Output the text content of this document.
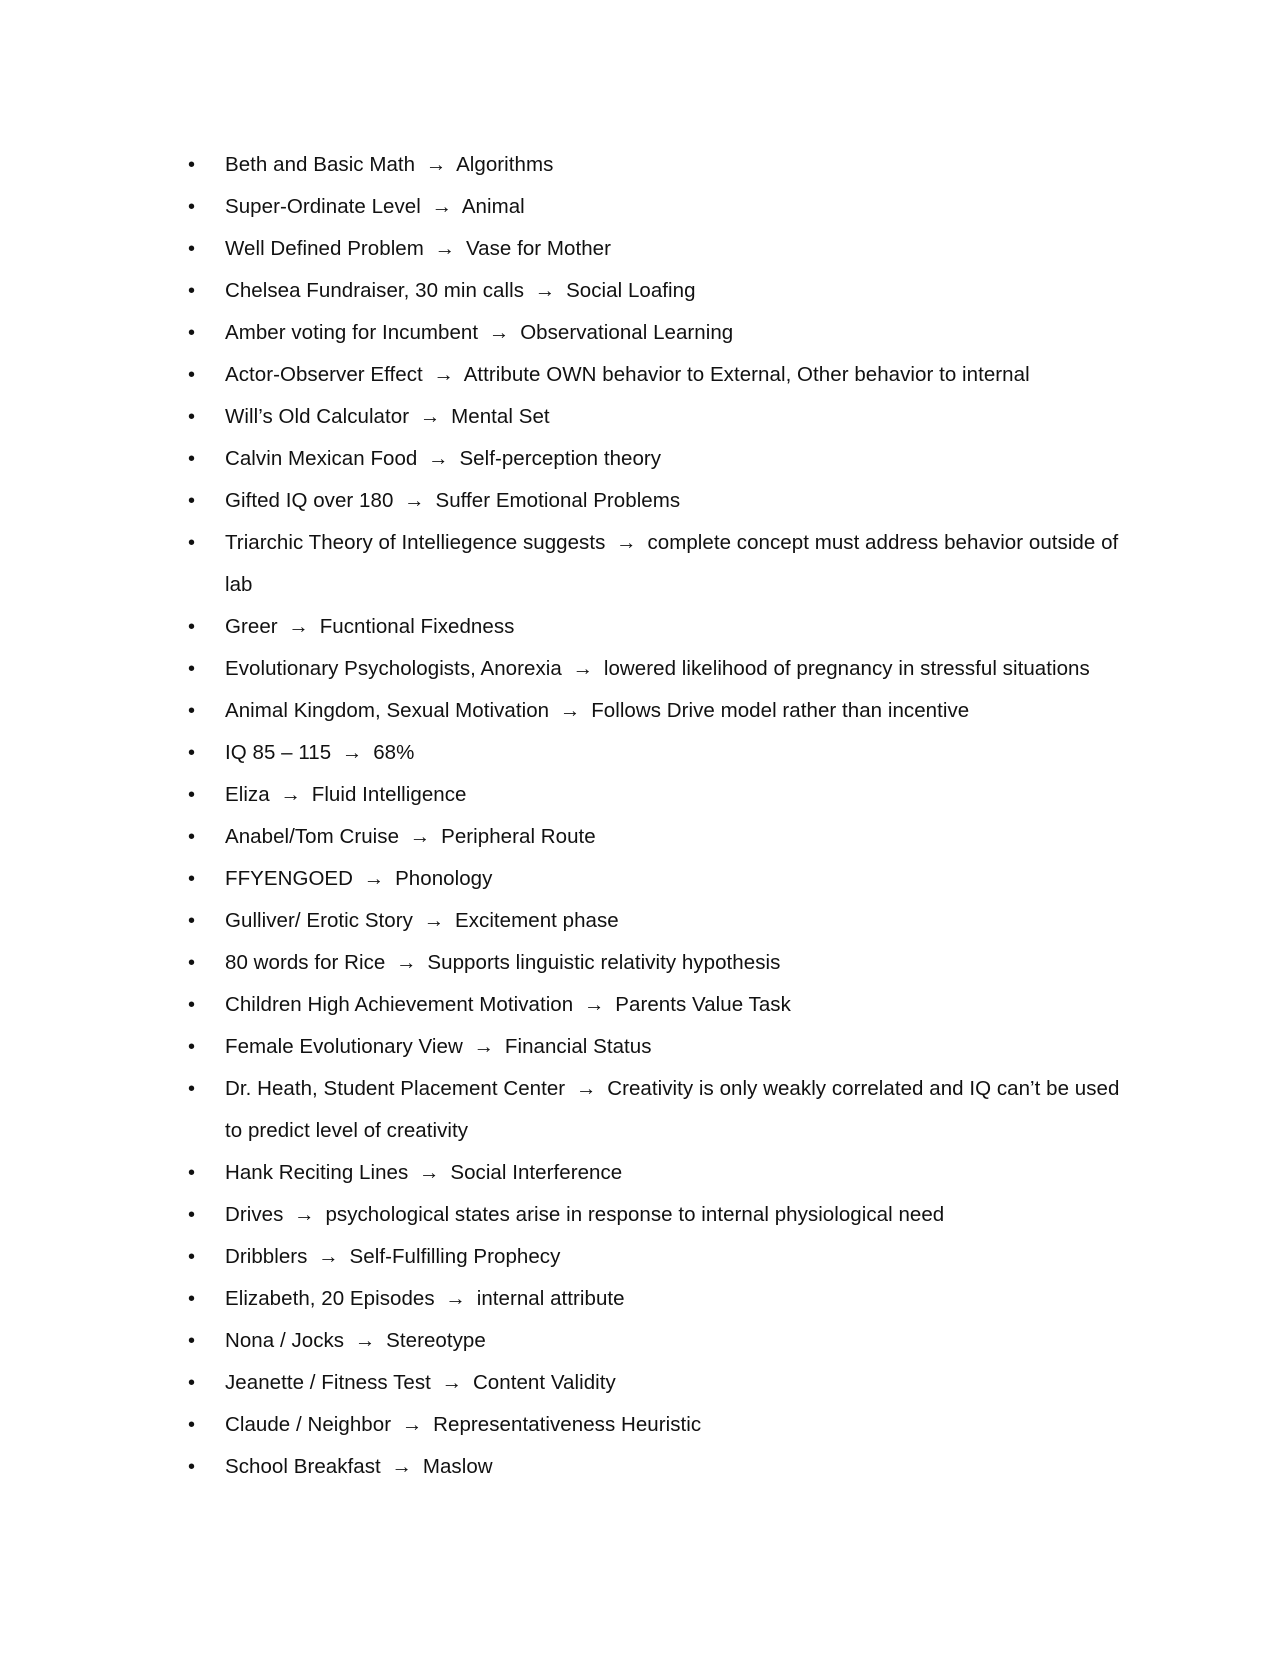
•	Beth and Basic Math → Algorithms
•	Super-Ordinate Level → Animal
•	Well Defined Problem → Vase for Mother
•	Chelsea Fundraiser, 30 min calls → Social Loafing
•	Amber voting for Incumbent → Observational Learning
•	Actor-Observer Effect → Attribute OWN behavior to External, Other behavior to internal
•	Will’s Old Calculator → Mental Set
•	Calvin Mexican Food → Self-perception theory
•	Gifted IQ over 180 → Suffer Emotional Problems
•	Triarchic Theory of Intelliegence suggests → complete concept must address behavior outside of lab
•	Greer → Fucntional Fixedness
•	Evolutionary Psychologists, Anorexia → lowered likelihood of pregnancy in stressful situations
•	Animal Kingdom, Sexual Motivation → Follows Drive model rather than incentive
•	IQ 85 – 115 → 68%
•	Eliza → Fluid Intelligence
•	Anabel/Tom Cruise → Peripheral Route
•	FFYENGOED → Phonology
•	Gulliver/ Erotic Story → Excitement phase
•	80 words for Rice → Supports linguistic relativity hypothesis
•	Children High Achievement Motivation → Parents Value Task
•	Female Evolutionary View → Financial Status
•	Dr. Heath, Student Placement Center → Creativity is only weakly correlated and IQ can’t be used to predict level of creativity
•	Hank Reciting Lines → Social Interference
•	Drives → psychological states arise in response to internal physiological need
•	Dribblers → Self-Fulfilling Prophecy
•	Elizabeth, 20 Episodes → internal attribute
•	Nona / Jocks → Stereotype
•	Jeanette / Fitness Test → Content Validity
•	Claude / Neighbor → Representativeness Heuristic
•	School Breakfast → Maslow
